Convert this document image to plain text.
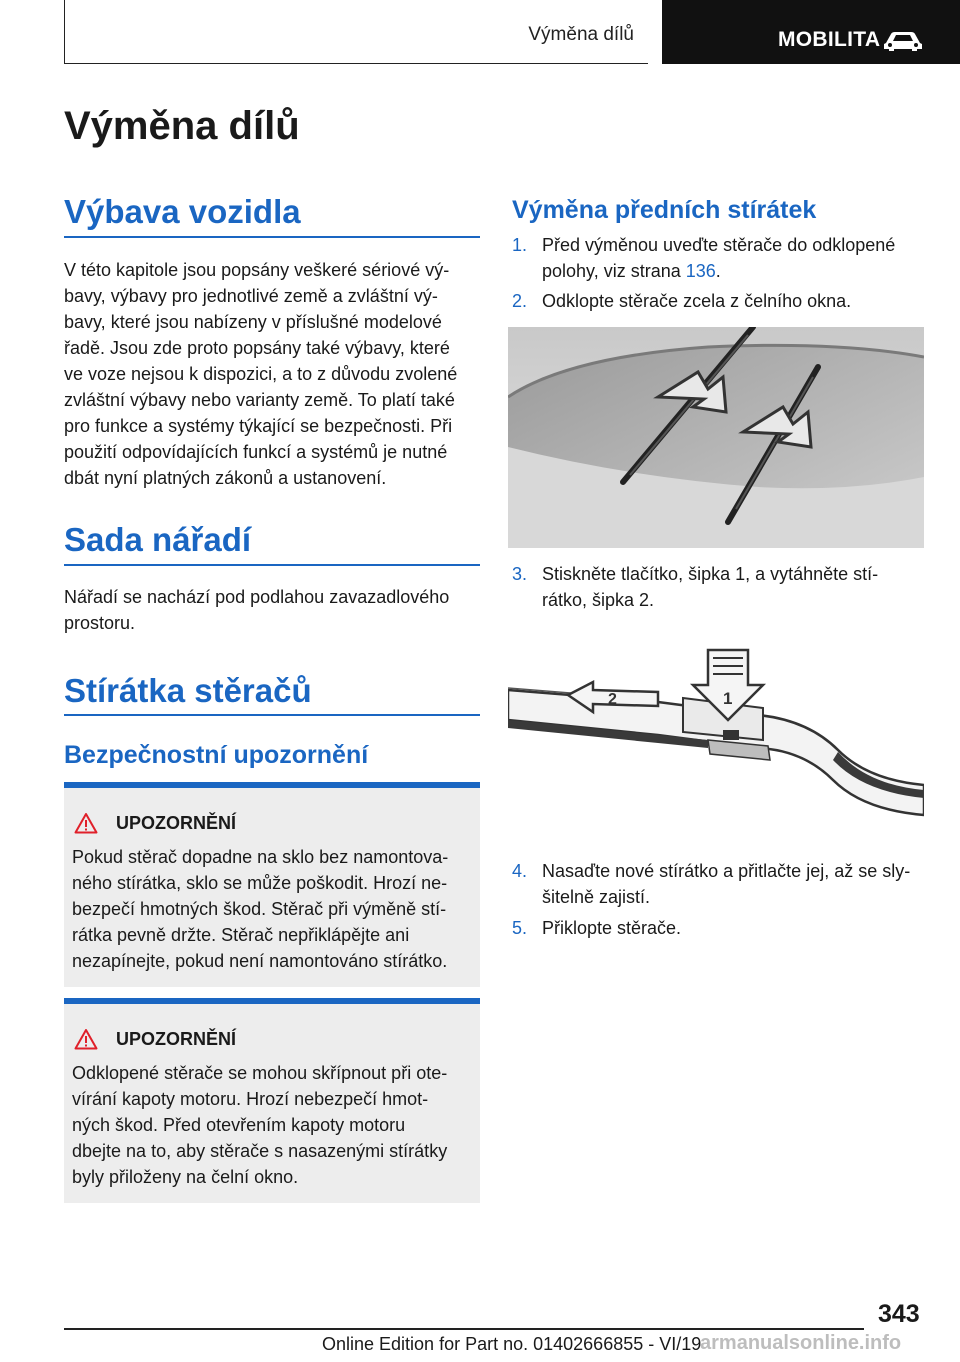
Výměna dílů	MOBILITA
Výměna dílů
Výbava vozidla
V této kapitole jsou popsány veškeré sériové vý‐
bavy, výbavy pro jednotlivé země a zvláštní vý‐
bavy, které jsou nabízeny v příslušné modelové
řadě. Jsou zde proto popsány také výbavy, které
ve voze nejsou k dispozici, a to z důvodu zvolené
zvláštní výbavy nebo varianty země. To platí také
pro funkce a systémy týkající se bezpečnosti. Při
použití odpovídajících funkcí a systémů je nutné
dbát nyní platných zákonů a ustanovení.
Sada nářadí
Nářadí se nachází pod podlahou zavazadlového
prostoru.
Stírátka stěračů
Bezpečnostní upozornění
UPOZORNĚNÍ
Pokud stěrač dopadne na sklo bez namontova‐
ného stírátka, sklo se může poškodit. Hrozí ne‐
bezpečí hmotných škod. Stěrač při výměně stí‐
rátka pevně držte. Stěrač nepřiklápějte ani
nezapínejte, pokud není namontováno stírátko.
UPOZORNĚNÍ
Odklopené stěrače se mohou skřípnout při ote‐
vírání kapoty motoru. Hrozí nebezpečí hmot‐
ných škod. Před otevřením kapoty motoru
dbejte na to, aby stěrače s nasazenými stírátky
byly přiloženy na čelní okno.
Výměna předních stírátek
1. Před výměnou uveďte stěrače do odklopené
polohy, viz strana 136.
2. Odklopte stěrače zcela z čelního okna.
3. Stiskněte tlačítko, šipka 1, a vytáhněte stí‐
rátko, šipka 2.
2	1
4. Nasaďte nové stírátko a přitlačte jej, až se sly‐
šitelně zajistí.
5. Přiklopte stěrače.
343
Online Edition for Part no. 01402666855 - VI/19
armanualsonline.info
